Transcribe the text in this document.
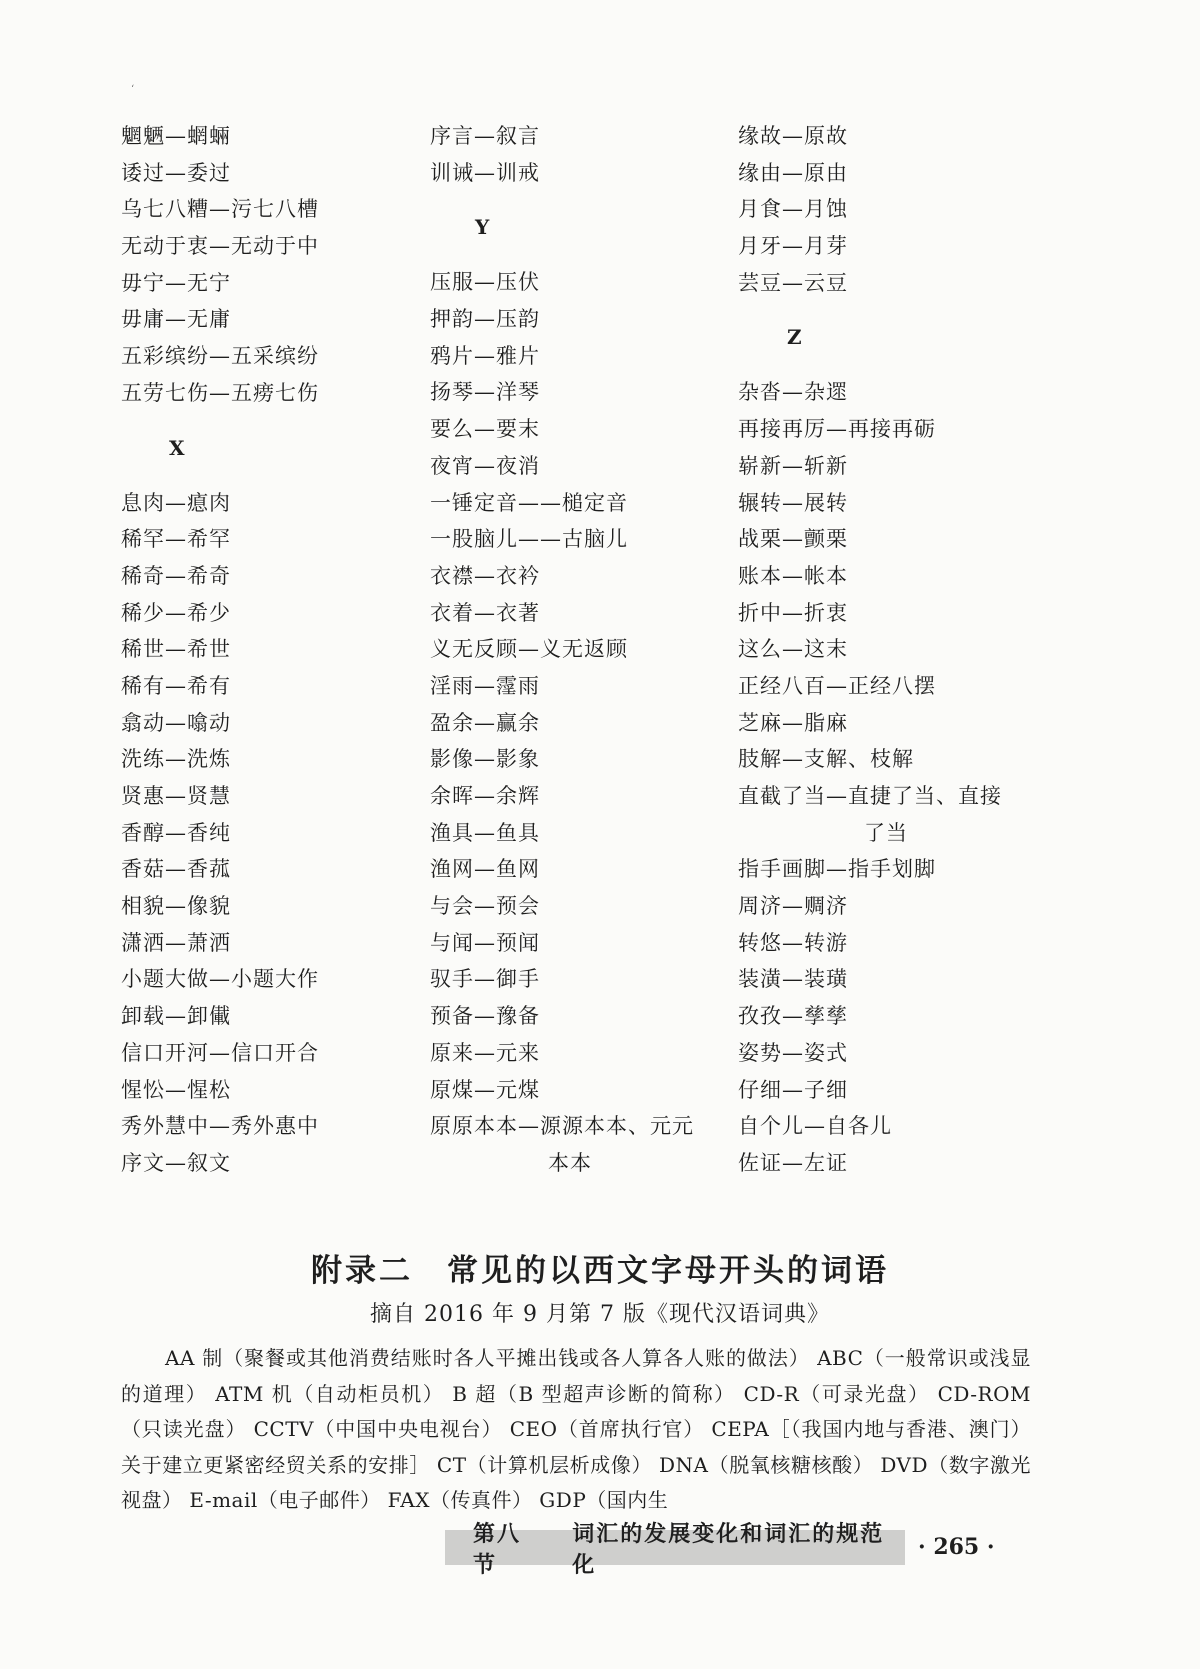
‘
魍魉—蝄蜽
诿过—委过
乌七八糟—污七八槽
无动于衷—无动于中
毋宁—无宁
毋庸—无庸
五彩缤纷—五采缤纷
五劳七伤—五痨七伤
X
息肉—瘜肉
稀罕—希罕
稀奇—希奇
稀少—希少
稀世—希世
稀有—希有
翕动—噏动
洗练—洗炼
贤惠—贤慧
香醇—香纯
香菇—香菰
相貌—像貌
潇洒—萧洒
小题大做—小题大作
卸载—卸儎
信口开河—信口开合
惺忪—惺松
秀外慧中—秀外惠中
序文—叙文
序言—叙言
训诫—训戒
Y
压服—压伏
押韵—压韵
鸦片—雅片
扬琴—洋琴
要么—要末
夜宵—夜消
一锤定音——槌定音
一股脑儿——古脑儿
衣襟—衣衿
衣着—衣著
义无反顾—义无返顾
淫雨—霪雨
盈余—赢余
影像—影象
余晖—余辉
渔具—鱼具
渔网—鱼网
与会—预会
与闻—预闻
驭手—御手
预备—豫备
原来—元来
原煤—元煤
原原本本—源源本本、元元
本本
缘故—原故
缘由—原由
月食—月蚀
月牙—月芽
芸豆—云豆
Z
杂沓—杂遝
再接再厉—再接再砺
崭新—斩新
辗转—展转
战栗—颤栗
账本—帐本
折中—折衷
这么—这末
正经八百—正经八摆
芝麻—脂麻
肢解—支解、枝解
直截了当—直捷了当、直接
了当
指手画脚—指手划脚
周济—赒济
转悠—转游
装潢—装璜
孜孜—孳孳
姿势—姿式
仔细—子细
自个儿—自各儿
佐证—左证
附录二　常见的以西文字母开头的词语
摘自 2016 年 9 月第 7 版《现代汉语词典》
AA 制（聚餐或其他消费结账时各人平摊出钱或各人算各人账的做法） ABC（一般常识或浅显的道理） ATM 机（自动柜员机） B 超（B 型超声诊断的简称） CD-R（可录光盘） CD-ROM（只读光盘） CCTV（中国中央电视台） CEO（首席执行官） CEPA［（我国内地与香港、澳门）关于建立更紧密经贸关系的安排］ CT（计算机层析成像） DNA（脱氧核糖核酸） DVD（数字激光视盘） E-mail（电子邮件） FAX（传真件） GDP（国内生
第八节
词汇的发展变化和词汇的规范化
· 265 ·
